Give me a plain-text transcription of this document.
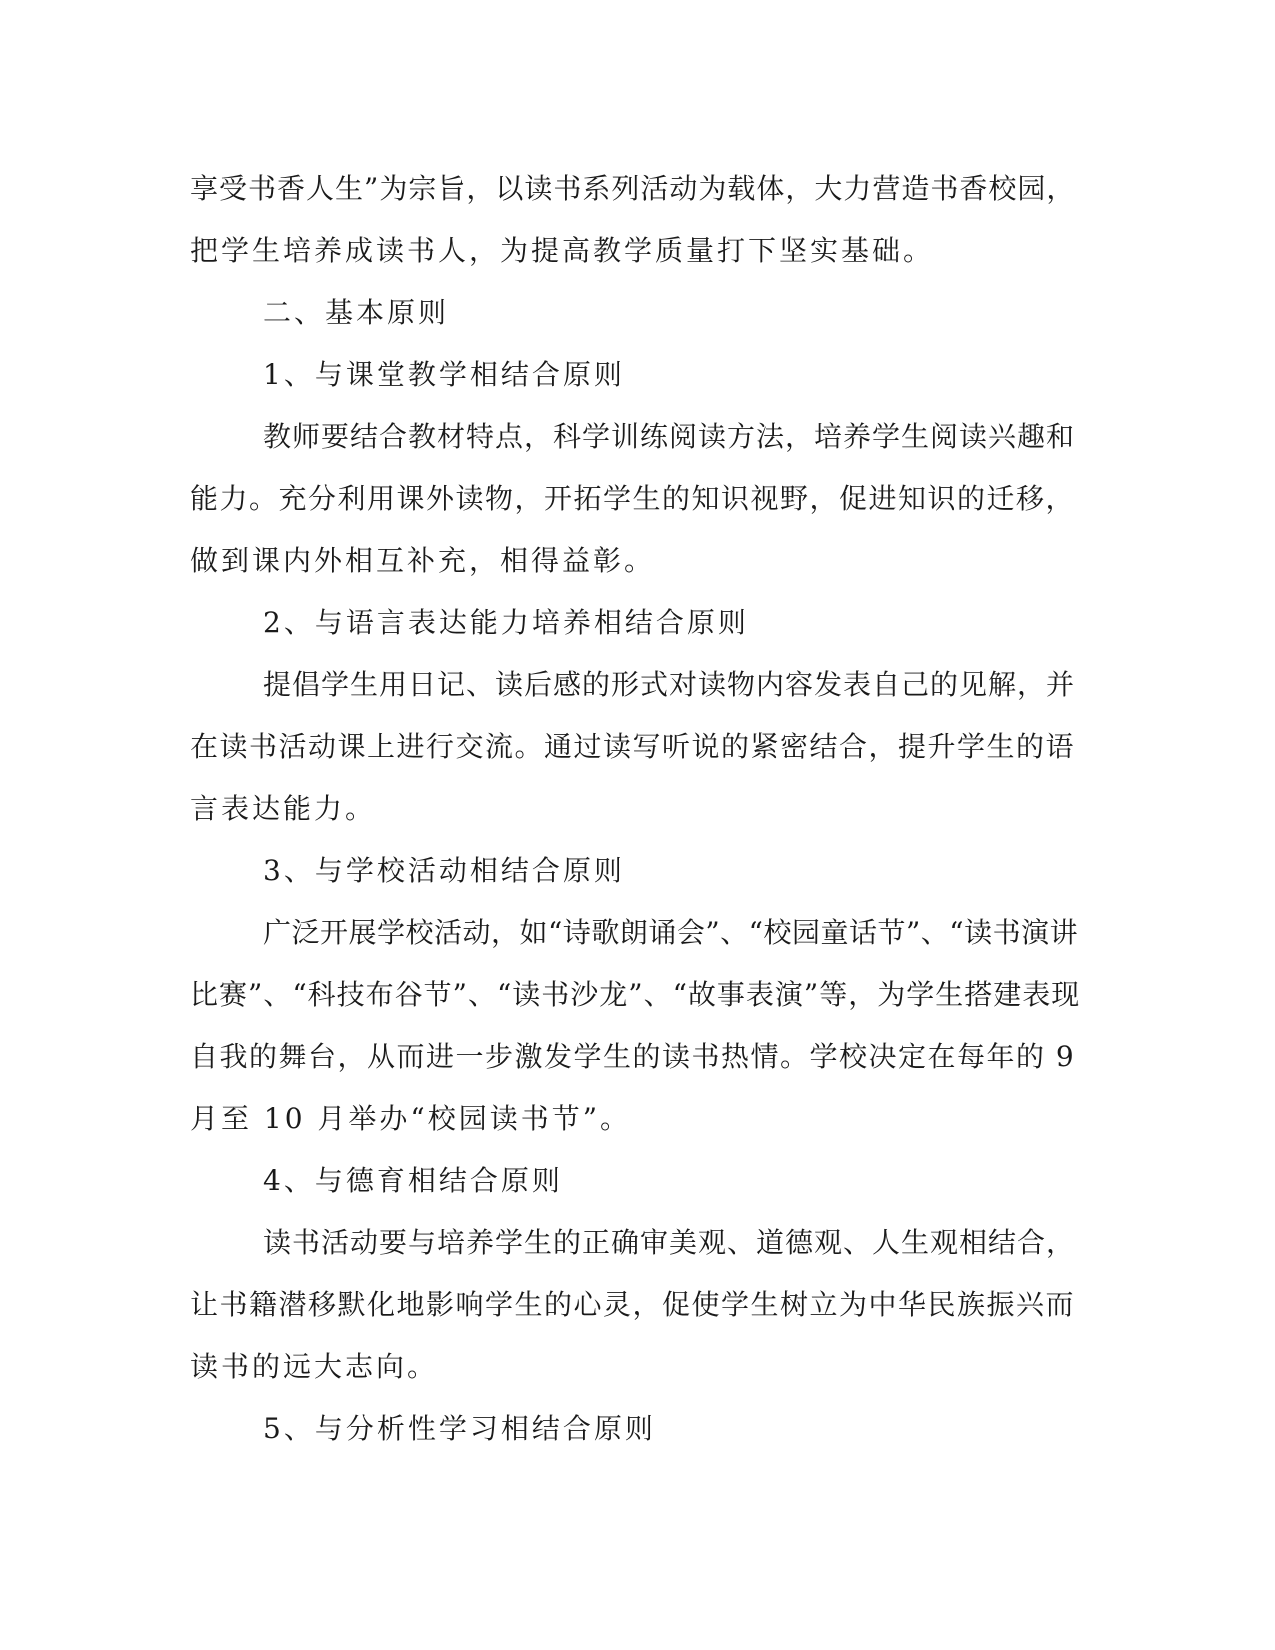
享受书香人生”为宗旨，以读书系列活动为载体，大力营造书香校园，
把学生培养成读书人，为提高教学质量打下坚实基础。
二、基本原则
1、与课堂教学相结合原则
教师要结合教材特点，科学训练阅读方法，培养学生阅读兴趣和
能力。充分利用课外读物，开拓学生的知识视野，促进知识的迁移，
做到课内外相互补充，相得益彰。
2、与语言表达能力培养相结合原则
提倡学生用日记、读后感的形式对读物内容发表自己的见解，并
在读书活动课上进行交流。通过读写听说的紧密结合，提升学生的语
言表达能力。
3、与学校活动相结合原则
广泛开展学校活动，如“诗歌朗诵会”、“校园童话节”、“读书演讲
比赛”、“科技布谷节”、“读书沙龙”、“故事表演”等，为学生搭建表现
自我的舞台，从而进一步激发学生的读书热情。学校决定在每年的 9
月至 10 月举办“校园读书节”。
4、与德育相结合原则
读书活动要与培养学生的正确审美观、道德观、人生观相结合，
让书籍潜移默化地影响学生的心灵，促使学生树立为中华民族振兴而
读书的远大志向。
5、与分析性学习相结合原则
